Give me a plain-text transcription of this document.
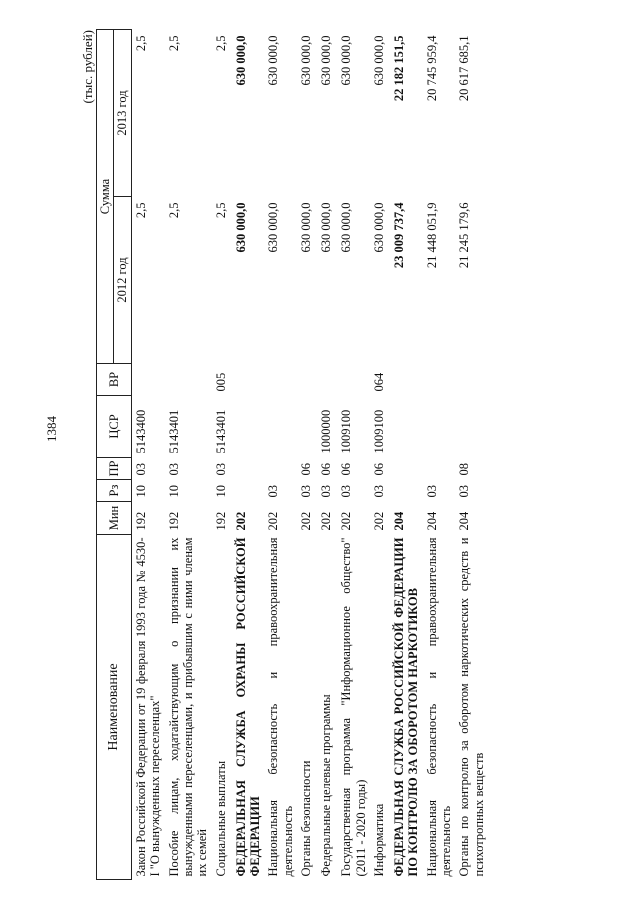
1384
(тыс. рублей)
Наименование	Мин	Рз	ПР	ЦСР	ВР	Сумма	
						2012 год	2013 год
Закон Российской Федерации от 19 февраля 1993 года № 4530-I "О вынужденных переселенцах"	192	10	03	5143400		2,5	2,5
Пособие лицам, ходатайствующим о признании их вынужденными переселенцами, и прибывшим с ними членам их семей	192	10	03	5143401		2,5	2,5
Социальные выплаты	192	10	03	5143401	005	2,5	2,5
ФЕДЕРАЛЬНАЯ СЛУЖБА ОХРАНЫ РОССИЙСКОЙ ФЕДЕРАЦИИ	202					630 000,0	630 000,0
Национальная безопасность и правоохранительная деятельность	202	03				630 000,0	630 000,0
Органы безопасности	202	03	06			630 000,0	630 000,0
Федеральные целевые программы	202	03	06	1000000		630 000,0	630 000,0
Государственная программа "Информационное общество" (2011 - 2020 годы)	202	03	06	1009100		630 000,0	630 000,0
Информатика	202	03	06	1009100	064	630 000,0	630 000,0
ФЕДЕРАЛЬНАЯ СЛУЖБА РОССИЙСКОЙ ФЕДЕРАЦИИ ПО КОНТРОЛЮ ЗА ОБОРОТОМ НАРКОТИКОВ	204					23 009 737,4	22 182 151,5
Национальная безопасность и правоохранительная деятельность	204	03				21 448 051,9	20 745 959,4
Органы по контролю за оборотом наркотических средств и психотропных веществ	204	03	08			21 245 179,6	20 617 685,1
